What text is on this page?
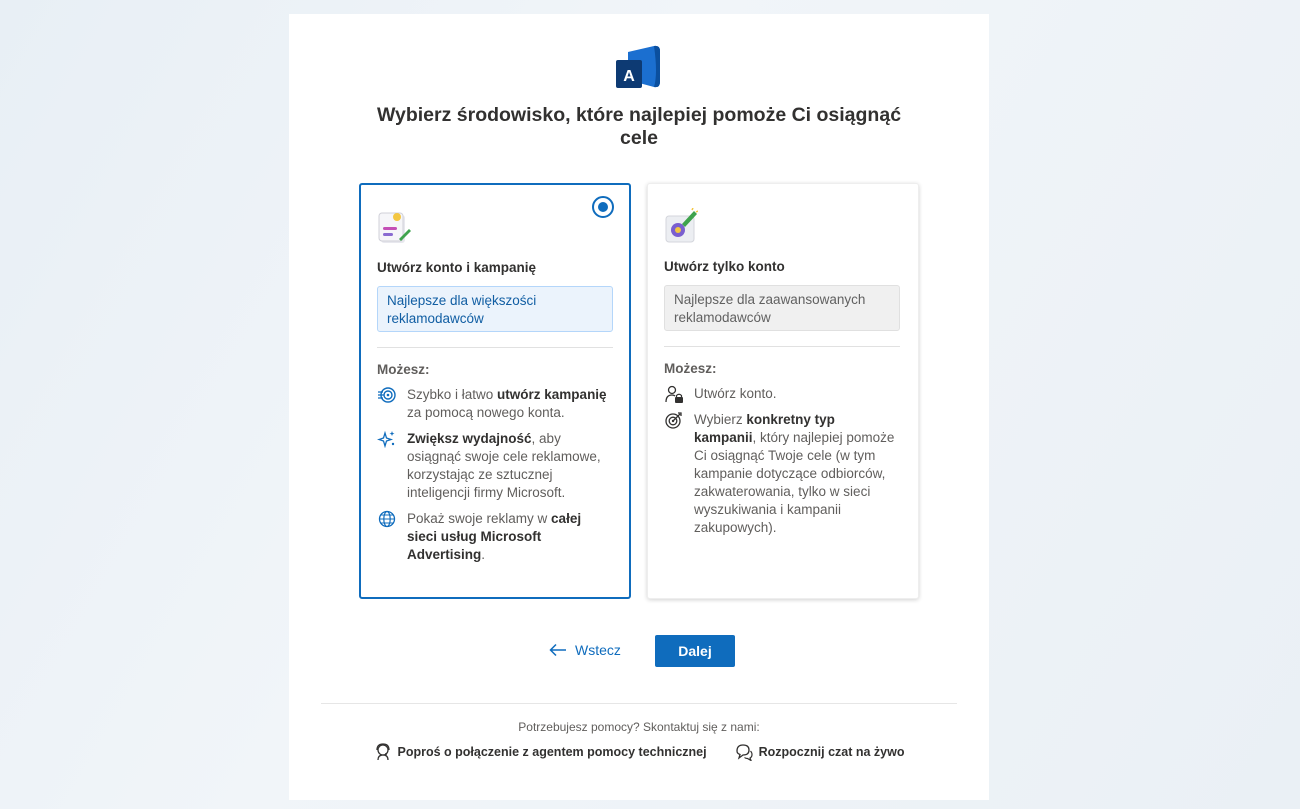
A
Wybierz środowisko, które najlepiej pomoże Ci osiągnąć cele
Utwórz konto i kampanię
Najlepsze dla większości reklamodawców
Możesz:
Szybko i łatwo utwórz kampanię za pomocą nowego konta.
Zwiększ wydajność, aby osiągnąć swoje cele reklamowe, korzystając ze sztucznej inteligencji firmy Microsoft.
Pokaż swoje reklamy w całej sieci usług Microsoft Advertising.
Utwórz tylko konto
Najlepsze dla zaawansowanych reklamodawców
Możesz:
Utwórz konto.
Wybierz konkretny typ kampanii, który najlepiej pomoże Ci osiągnąć Twoje cele (w tym kampanie dotyczące odbiorców, zakwaterowania, tylko w sieci wyszukiwania i kampanii zakupowych).
Wstecz	Dalej
Potrzebujesz pomocy? Skontaktuj się z nami:
Poproś o połączenie z agentem pomocy technicznej	Rozpocznij czat na żywo
